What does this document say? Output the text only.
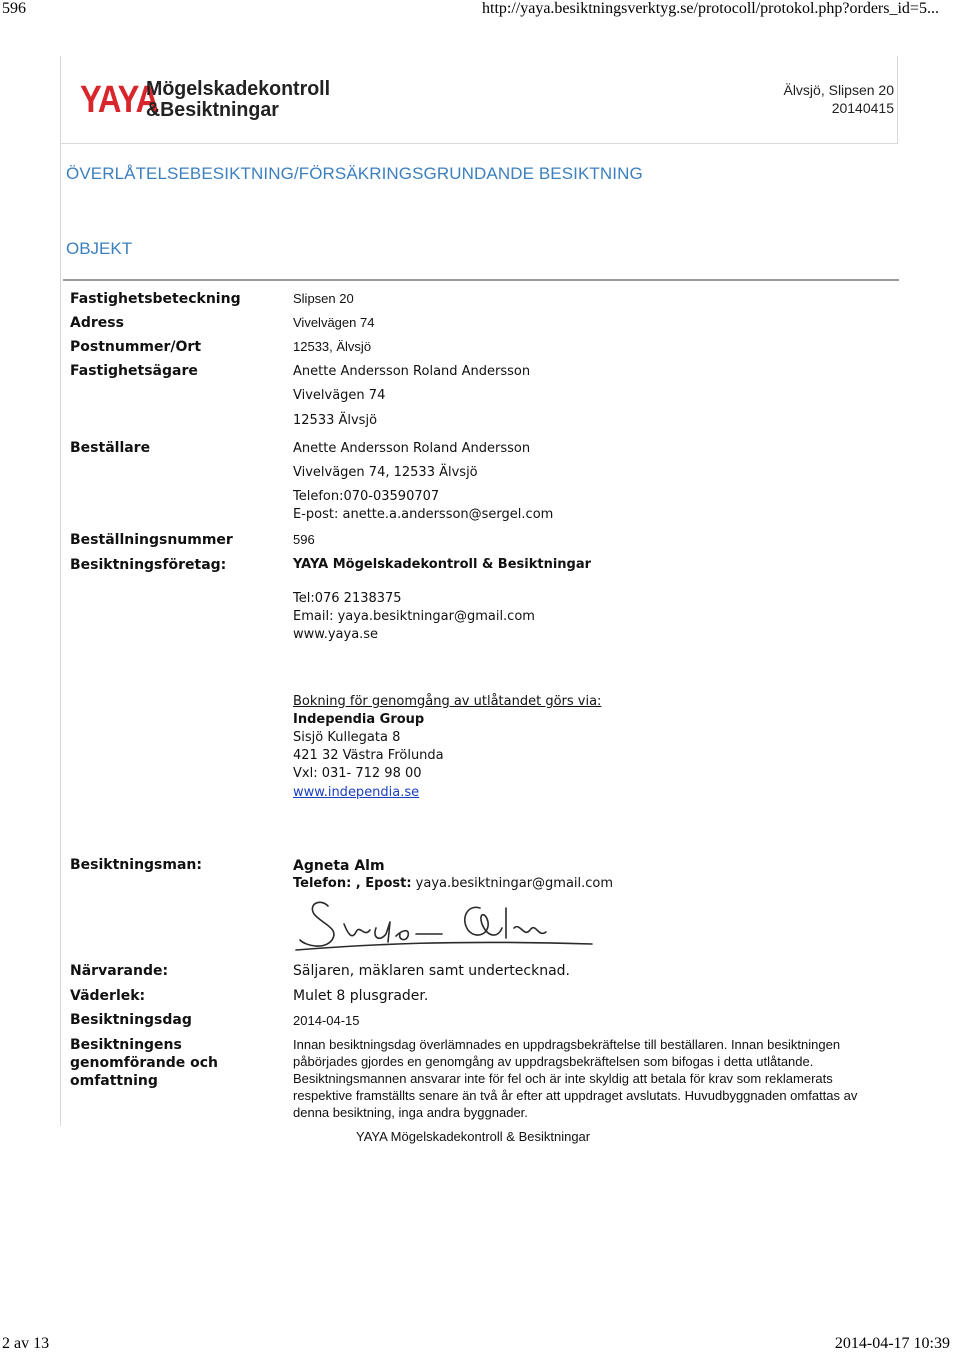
596	http://yaya.besiktningsverktyg.se/protocoll/protokol.php?orders_id=5...
YAYA
Mögelskadekontroll
&Besiktningar
Älvsjö, Slipsen 20
20140415
ÖVERLÅTELSEBESIKTNING/FÖRSÄKRINGSGRUNDANDE BESIKTNING
OBJEKT
Fastighetsbeteckning	Slipsen 20
Adress	Vivelvägen 74
Postnummer/Ort	12533, Älvsjö
Fastighetsägare	Anette Andersson Roland Andersson
Vivelvägen 74
12533 Älvsjö
Beställare	Anette Andersson Roland Andersson
Vivelvägen 74, 12533 Älvsjö
Telefon:070-03590707
E-post: anette.a.andersson@sergel.com
Beställningsnummer	596
Besiktningsföretag:	YAYA Mögelskadekontroll & Besiktningar
Tel:076 2138375
Email: yaya.besiktningar@gmail.com
www.yaya.se
Bokning för genomgång av utlåtandet görs via:
Independia Group
Sisjö Kullegata 8
421 32 Västra Frölunda
Vxl: 031- 712 98 00
www.independia.se
Besiktningsman:	Agneta Alm
Telefon: , Epost: yaya.besiktningar@gmail.com
Närvarande:	Säljaren, mäklaren samt undertecknad.
Väderlek:	Mulet 8 plusgrader.
Besiktningsdag	2014-04-15
Besiktningens
genomförande och
omfattning
Innan besiktningsdag överlämnades en uppdragsbekräftelse till beställaren. Innan besiktningen påbörjades gjordes en genomgång av uppdragsbekräftelsen som bifogas i detta utlåtande. Besiktningsmannen ansvarar inte för fel och är inte skyldig att betala för krav som reklamerats respektive framställts senare än två år efter att uppdraget avslutats. Huvudbyggnaden omfattas av denna besiktning, inga andra byggnader.
YAYA Mögelskadekontroll & Besiktningar
2 av 13	2014-04-17 10:39
